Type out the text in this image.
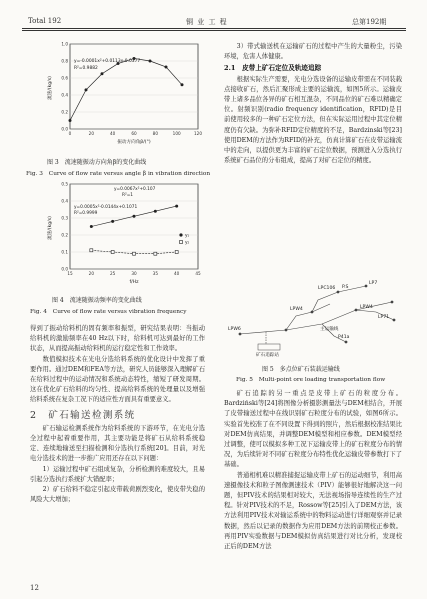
Total 192	铜 业 工 程	总第192期
0.0
0.2
0.4
0.6
0.8
1.0
0	20	40	60	80	100	120
y=-0.0001x²+0.0113x-0.0377
R²=0.9882
振动方向角β/(°)
流速/(kg/s)
图 3　流速随振动方向角β的变化曲线
Fig. 3　Curve of flow rate versus angle β in vibration direction
0.0
0.1
0.2
0.3
0.4
0.5
15	20	25	30	35	40	45
y=0.0067x²+0.107
R²=1
y=0.0005x²-0.0144x+0.1071
R²=0.9999
y₁
y₂
f/Hz
流速/(kg/s)
图 4　流速随振动频率的变化曲线
Fig. 4　Curve of flow rate versus vibration frequency

得到了振动给料机的固有频率和振型，研究结果表明：当振动给料机的激励频率在40 Hz以下时，给料机可达到最好的工作状态，从而提高振动给料机的运行稳定性和工作效率。

数值模拟技术在光电分选给料系统的优化设计中发挥了重要作用。通过DEM和FEA等方法，研究人员能够深入理解矿石在给料过程中的运动情况和系统动态特性，缩短了研发周期。这在优化矿石给料的均匀性、提高给料系统的处理量以及增强给料系统在复杂工况下的适应性方面具有重要意义。

2　矿石输送检测系统

矿石输运检测系统作为给料系统的下游环节，在光电分选全过程中起着重要作用，其主要功能是将矿石从给料系统稳定、连续地输送至扫描检测和分选执行系统[20]。目前，对光电分选技术的进一步推广应用还存在以下问题：

1）运输过程中矿石组成复杂，分析检测的难度较大，且易引起分选执行系统扩大错配率；

2）矿石给料不稳定引起皮带载荷剧烈变化，使皮带失稳的风险大大增加；

3）带式输送机在运输矿石的过程中产生的大量粉尘，污染环境，危害人体健康。

2.1　皮带上矿石定位及轨迹追踪

根据实际生产需要，光电分选设备的运输皮带需在不同装载点接收矿石，然后汇聚形成主要的运输流，如图5所示。运输皮带上诸多品位各异的矿石相互混杂，不同品位的矿石难以精确定位。射频识别(radio frequency identification，RFID)是目前使用较多的一种矿石定位方法，但在实际运用过程中其定位精度仍有欠缺。为弥补RFID定位精度的不足，Bardzinski等[23]使用DEM的方法作为RFID的补充，仿真计算矿石在皮带运输流中的走向，以提供更为丰富的矿石定位数据，预测进入分选执行系统矿石品位的分布组成，提高了对矿石定位的精度。

LPC106 P.S
LP7
LPW4
LPW6
LPW4
LP71
P41a
矿石追踪站
主运输线
图 5　多点位矿石装载运输线
Fig. 5　Multi-point ore loading transportation flow

矿石追踪的另一重点是皮带上矿石的粒度分布。Bardziński等[24]将图像分析摄影测量法与DEM相结合，开展了皮带输送过程中在线识别矿石粒度分布的试验，如图6所示。实验首先校准了在不同设置下得到的照片，然后根据校准结果比对DEM仿真结果，并调整DEM模型和相应参数。DEM模型经过调整，使可以模拟多种工况下运输皮带上的矿石粒度分布的情况，为后续针对不同矿石粒度分布特性优化运输皮带参数打下了基础。

普通相机难以精准捕捉运输皮带上矿石的运动细节，利用高速摄像技术和粒子图像测速技术（PIV）能够很好地解决这一问题，但PIV技术的结果相对较大，无法视场指导连续性的生产过程。针对PIV技术的不足，Rossow等[25]引入了DEM方法，该方法利用PIV技术对输运系统中的物料运动进行详细观察并记录数据，然后以记录的数据作为应用DEM方法的前期校正参数。再用PIV实验数据与DEM模拟仿真结果进行对比分析，发现校正后的DEM方法

12
